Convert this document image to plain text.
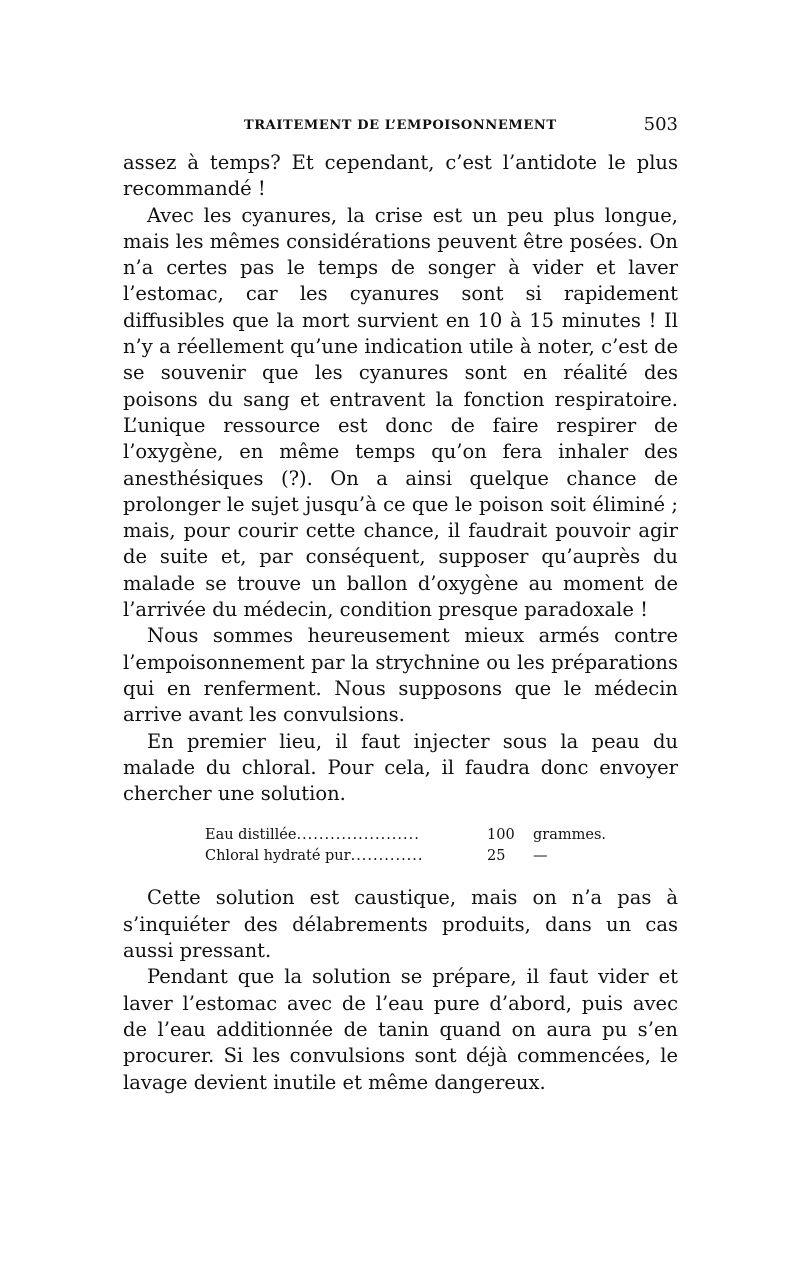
TRAITEMENT DE L’EMPOISONNEMENT	503

assez à temps? Et cependant, c’est l’antidote le plus recommandé !

Avec les cyanures, la crise est un peu plus longue, mais les mêmes considérations peuvent être posées. On n’a certes pas le temps de songer à vider et laver l’estomac, car les cyanures sont si rapidement diffusibles que la mort survient en 10 à 15 minutes ! Il n’y a réellement qu’une indication utile à noter, c’est de se souvenir que les cyanures sont en réalité des poisons du sang et entravent la fonction respiratoire. L’unique ressource est donc de faire respirer de l’oxygène, en même temps qu’on fera inhaler des anesthésiques (?). On a ainsi quelque chance de prolonger le sujet jusqu’à ce que le poison soit éliminé ; mais, pour courir cette chance, il faudrait pouvoir agir de suite et, par conséquent, supposer qu’auprès du malade se trouve un ballon d’oxygène au moment de l’arrivée du médecin, condition presque paradoxale !

Nous sommes heureusement mieux armés contre l’empoisonnement par la strychnine ou les préparations qui en renferment. Nous supposons que le médecin arrive avant les convulsions.

En premier lieu, il faut injecter sous la peau du malade du chloral. Pour cela, il faudra donc envoyer chercher une solution.

Eau distillée......................	100	grammes.
Chloral hydraté pur.............	25	—

Cette solution est caustique, mais on n’a pas à s’inquiéter des délabrements produits, dans un cas aussi pressant.

Pendant que la solution se prépare, il faut vider et laver l’estomac avec de l’eau pure d’abord, puis avec de l’eau additionnée de tanin quand on aura pu s’en procurer. Si les convulsions sont déjà commencées, le lavage devient inutile et même dangereux.
